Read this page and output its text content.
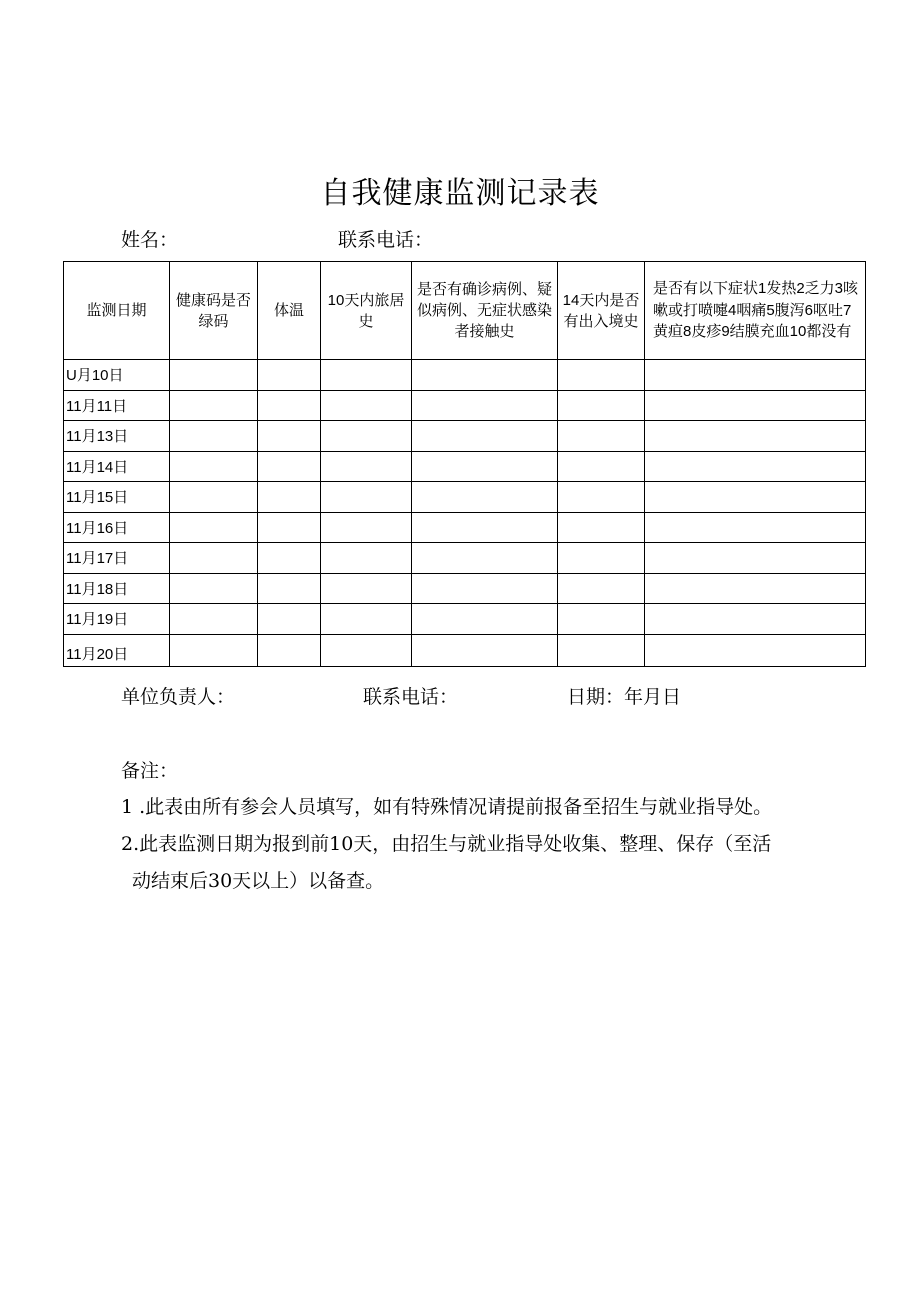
自我健康监测记录表
姓名：	联系电话：
监测日期	健康码是否绿码	体温	10天内旅居史	是否有确诊病例、疑似病例、无症状感染者接触史	14天内是否有出入境史	是否有以下症状1发热2乏力3咳嗽或打喷嚏4咽痛5腹泻6呕吐7黄疸8皮疹9结膜充血10都没有
U月10日						
11月11日						
11月13日						
11月14日						
11月15日						
11月16日						
11月17日						
11月18日						
11月19日						
11月20日						
单位负责人：	联系电话：	日期：年月日
备注：
1 .此表由所有参会人员填写，如有特殊情况请提前报备至招生与就业指导处。
2.此表监测日期为报到前10天，由招生与就业指导处收集、整理、保存（至活
动结束后30天以上）以备查。
